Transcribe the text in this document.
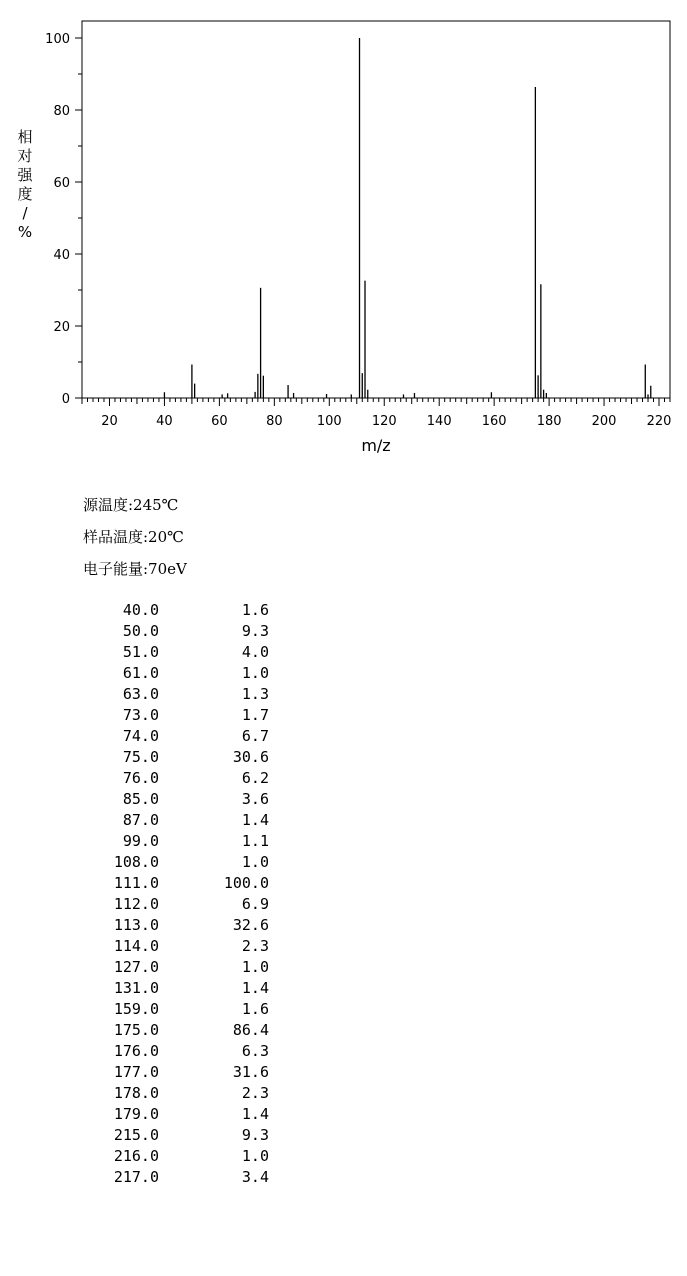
20	40	60	80	100 120 140 160 180 200 220
0
20
40
60
80
100
m/z
相
对
强
度
/
%
源温度:245℃
样品温度:20℃
电子能量:70eV
40.0	1.6
50.0	9.3
51.0	4.0
61.0	1.0
63.0	1.3
73.0	1.7
74.0	6.7
75.0	30.6
76.0	6.2
85.0	3.6
87.0	1.4
99.0	1.1
108.0	1.0
111.0	100.0
112.0	6.9
113.0	32.6
114.0	2.3
127.0	1.0
131.0	1.4
159.0	1.6
175.0	86.4
176.0	6.3
177.0	31.6
178.0	2.3
179.0	1.4
215.0	9.3
216.0	1.0
217.0	3.4
